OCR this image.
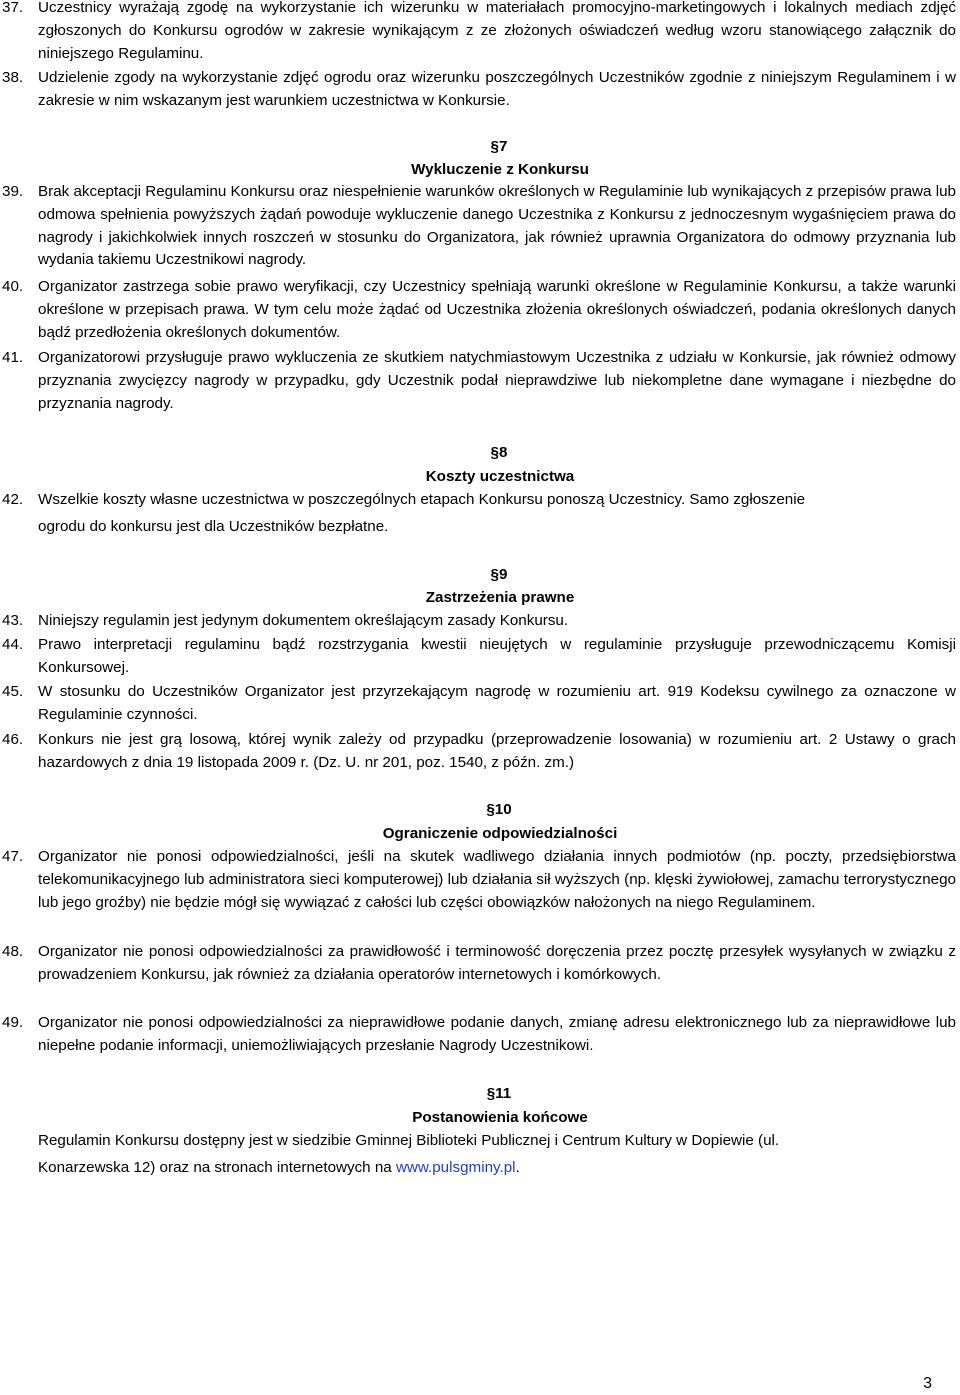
37. Uczestnicy wyrażają zgodę na wykorzystanie ich wizerunku w materiałach promocyjno-marketingowych i lokalnych mediach zdjęć zgłoszonych do Konkursu ogrodów w zakresie wynikającym z ze złożonych oświadczeń według wzoru stanowiącego załącznik do niniejszego Regulaminu.
38. Udzielenie zgody na wykorzystanie zdjęć ogrodu oraz wizerunku poszczególnych Uczestników zgodnie z niniejszym Regulaminem i w zakresie w nim wskazanym jest warunkiem uczestnictwa w Konkursie.
§7
Wykluczenie z Konkursu
39. Brak akceptacji Regulaminu Konkursu oraz niespełnienie warunków określonych w Regulaminie lub wynikających z przepisów prawa lub odmowa spełnienia powyższych żądań powoduje wykluczenie danego Uczestnika z Konkursu z jednoczesnym wygaśnięciem prawa do nagrody i jakichkolwiek innych roszczeń w stosunku do Organizatora, jak również uprawnia Organizatora do odmowy przyznania lub wydania takiemu Uczestnikowi nagrody.
40. Organizator zastrzega sobie prawo weryfikacji, czy Uczestnicy spełniają warunki określone w Regulaminie Konkursu, a także warunki określone w przepisach prawa. W tym celu może żądać od Uczestnika złożenia określonych oświadczeń, podania określonych danych bądź przedłożenia określonych dokumentów.
41. Organizatorowi przysługuje prawo wykluczenia ze skutkiem natychmiastowym Uczestnika z udziału w Konkursie, jak również odmowy przyznania zwycięzcy nagrody w przypadku, gdy Uczestnik podał nieprawdziwe lub niekompletne dane wymagane i niezbędne do przyznania nagrody.
§8
Koszty uczestnictwa
42. Wszelkie koszty własne uczestnictwa w poszczególnych etapach Konkursu ponoszą Uczestnicy. Samo zgłoszenie
ogrodu do konkursu jest dla Uczestników bezpłatne.
§9
Zastrzeżenia prawne
43. Niniejszy regulamin jest jedynym dokumentem określającym zasady Konkursu.
44. Prawo interpretacji regulaminu bądź rozstrzygania kwestii nieujętych w regulaminie przysługuje przewodniczącemu Komisji Konkursowej.
45. W stosunku do Uczestników Organizator jest przyrzekającym nagrodę w rozumieniu art. 919 Kodeksu cywilnego za oznaczone w Regulaminie czynności.
46. Konkurs nie jest grą losową, której wynik zależy od przypadku (przeprowadzenie losowania) w rozumieniu art. 2 Ustawy o grach hazardowych z dnia 19 listopada 2009 r. (Dz. U. nr 201, poz. 1540, z późn. zm.)
§10
Ograniczenie odpowiedzialności
47. Organizator nie ponosi odpowiedzialności, jeśli na skutek wadliwego działania innych podmiotów (np. poczty, przedsiębiorstwa telekomunikacyjnego lub administratora sieci komputerowej) lub działania sił wyższych (np. klęski żywiołowej, zamachu terrorystycznego lub jego groźby) nie będzie mógł się wywiązać z całości lub części obowiązków nałożonych na niego Regulaminem.
48. Organizator nie ponosi odpowiedzialności za prawidłowość i terminowość doręczenia przez pocztę przesyłek wysyłanych w związku z prowadzeniem Konkursu, jak również za działania operatorów internetowych i komórkowych.
49. Organizator nie ponosi odpowiedzialności za nieprawidłowe podanie danych, zmianę adresu elektronicznego lub za nieprawidłowe lub niepełne podanie informacji, uniemożliwiających przesłanie Nagrody Uczestnikowi.
§11
Postanowienia końcowe
Regulamin Konkursu dostępny jest w siedzibie Gminnej Biblioteki Publicznej i Centrum Kultury w Dopiewie (ul.
Konarzewska 12) oraz na stronach internetowych na www.pulsgminy.pl.
3
